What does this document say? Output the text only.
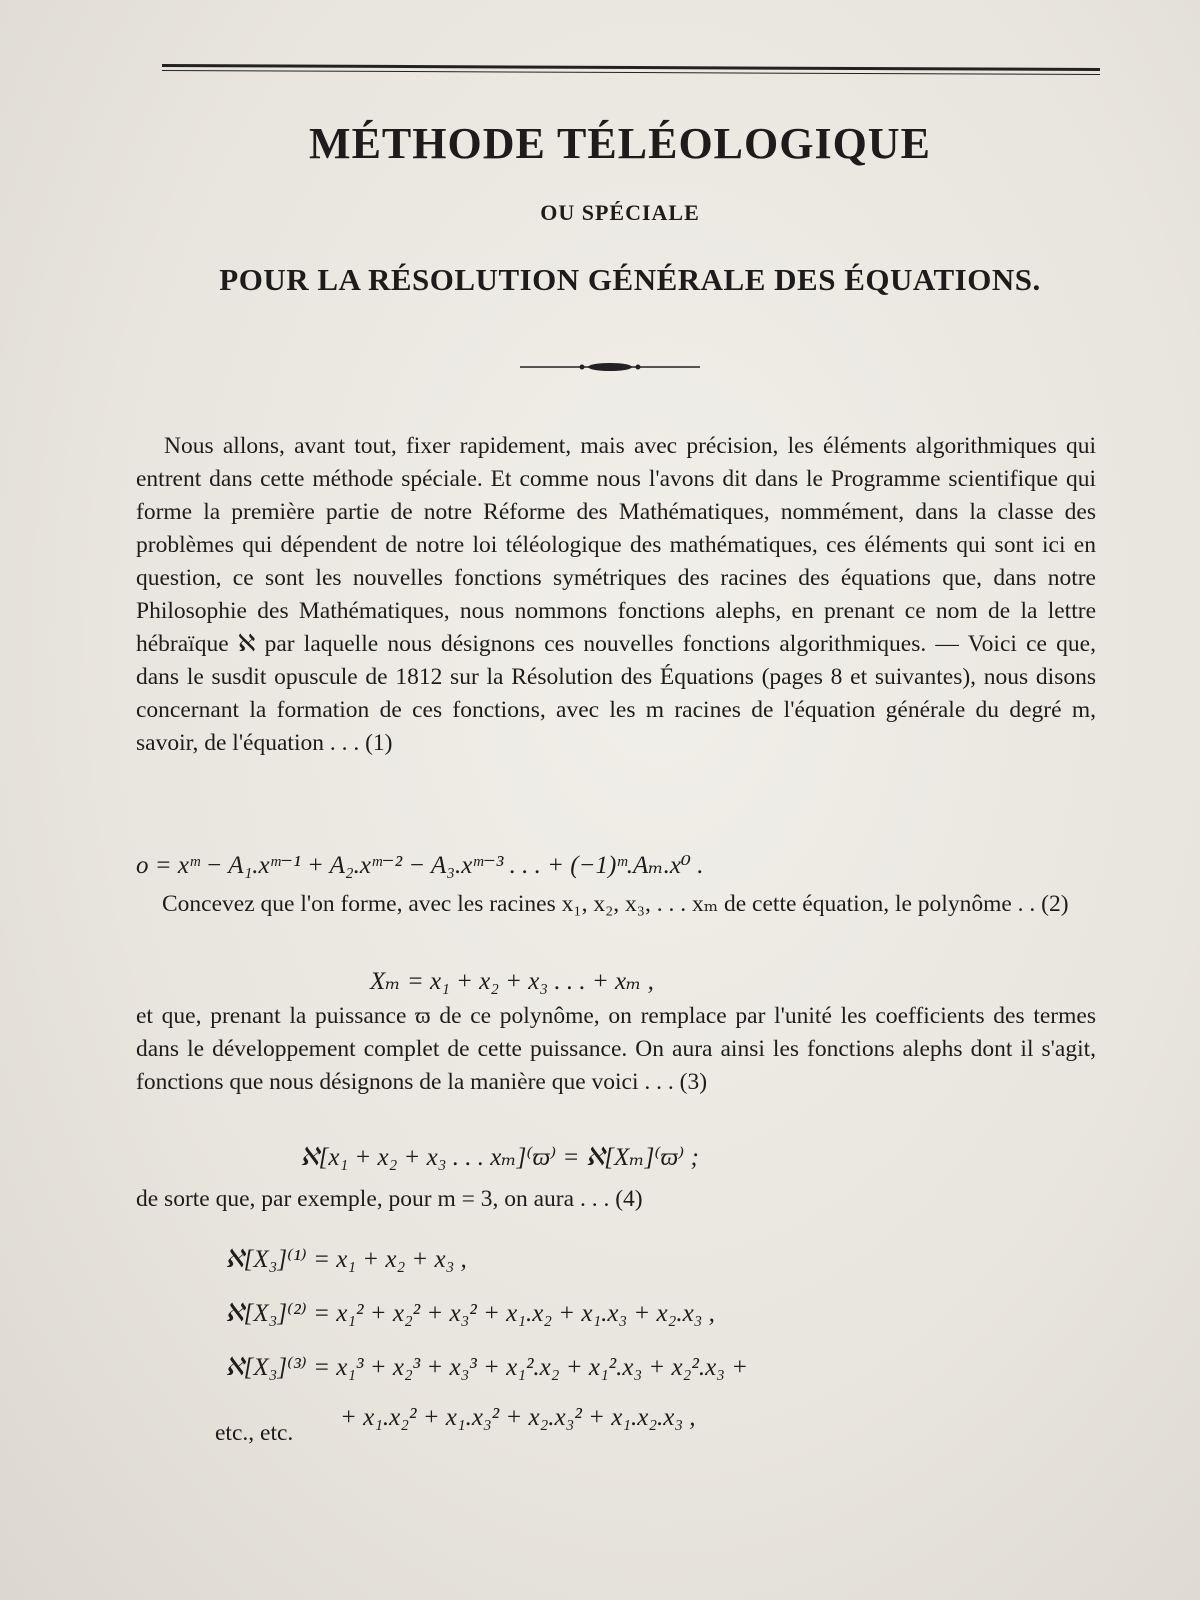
MÉTHODE TÉLÉOLOGIQUE
OU SPÉCIALE
POUR LA RÉSOLUTION GÉNÉRALE DES ÉQUATIONS.

Nous allons, avant tout, fixer rapidement, mais avec précision, les éléments algorithmiques qui entrent dans cette méthode spéciale. Et comme nous l'avons dit dans le Programme scientifique qui forme la première partie de notre Réforme des Mathématiques, nommément, dans la classe des problèmes qui dépendent de notre loi téléologique des mathématiques, ces éléments qui sont ici en question, ce sont les nouvelles fonctions symétriques des racines des équations que, dans notre Philosophie des Mathématiques, nous nommons fonctions alephs, en prenant ce nom de la lettre hébraïque ℵ par laquelle nous désignons ces nouvelles fonctions algorithmiques. — Voici ce que, dans le susdit opuscule de 1812 sur la Résolution des Équations (pages 8 et suivantes), nous disons concernant la formation de ces fonctions, avec les m racines de l'équation générale du degré m, savoir, de l'équation . . . (1)

o = xᵐ − A₁.xᵐ⁻¹ + A₂.xᵐ⁻² − A₃.xᵐ⁻³ . . . + (−1)ᵐ.Aₘ.x⁰ .
Concevez que l'on forme, avec les racines x₁, x₂, x₃, . . . xₘ de cette équation, le polynôme . . (2)
Xₘ = x₁ + x₂ + x₃ . . . + xₘ ,
et que, prenant la puissance ϖ de ce polynôme, on remplace par l'unité les coefficients des termes dans le développement complet de cette puissance. On aura ainsi les fonctions alephs dont il s'agit, fonctions que nous désignons de la manière que voici . . . (3)
ℵ[x₁ + x₂ + x₃ . . . xₘ]⁽ϖ⁾ = ℵ[Xₘ]⁽ϖ⁾ ;
de sorte que, par exemple, pour m = 3, on aura . . . (4)
ℵ[X₃]⁽¹⁾ = x₁ + x₂ + x₃ ,
ℵ[X₃]⁽²⁾ = x₁² + x₂² + x₃² + x₁.x₂ + x₁.x₃ + x₂.x₃ ,
ℵ[X₃]⁽³⁾ = x₁³ + x₂³ + x₃³ + x₁².x₂ + x₁².x₃ + x₂².x₃ +
+ x₁.x₂² + x₁.x₃² + x₂.x₃² + x₁.x₂.x₃ ,
etc., etc.
